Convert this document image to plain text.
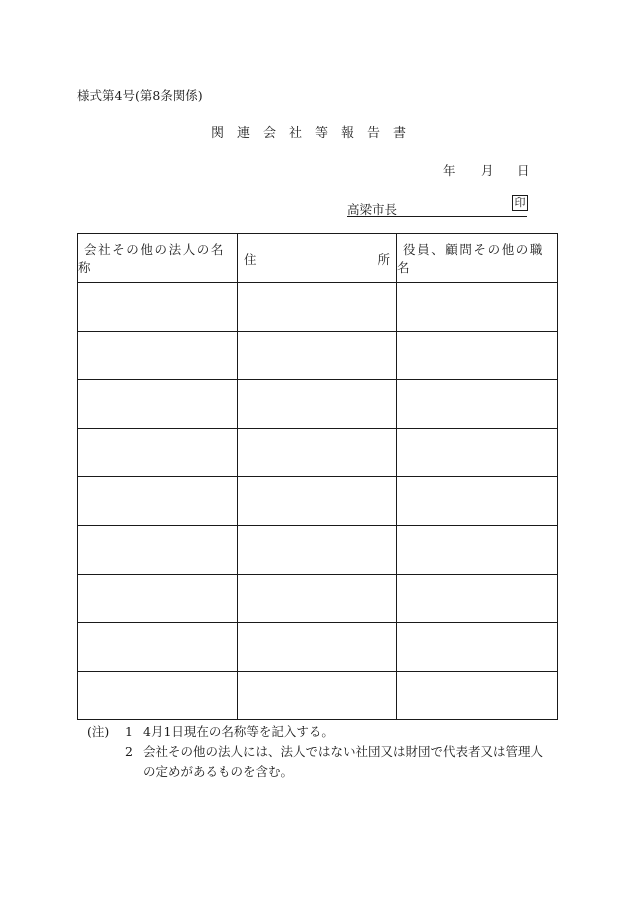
様式第4号(第8条関係)
関連会社等報告書
年	月	日
高梁市長	印
会社その他の法人の名称	住 所	役員、顧問その他の職名

(注)	1 4月1日現在の名称等を記入する。
2 会社その他の法人には、法人ではない社団又は財団で代表者又は管理人の定めがあるものを含む。
